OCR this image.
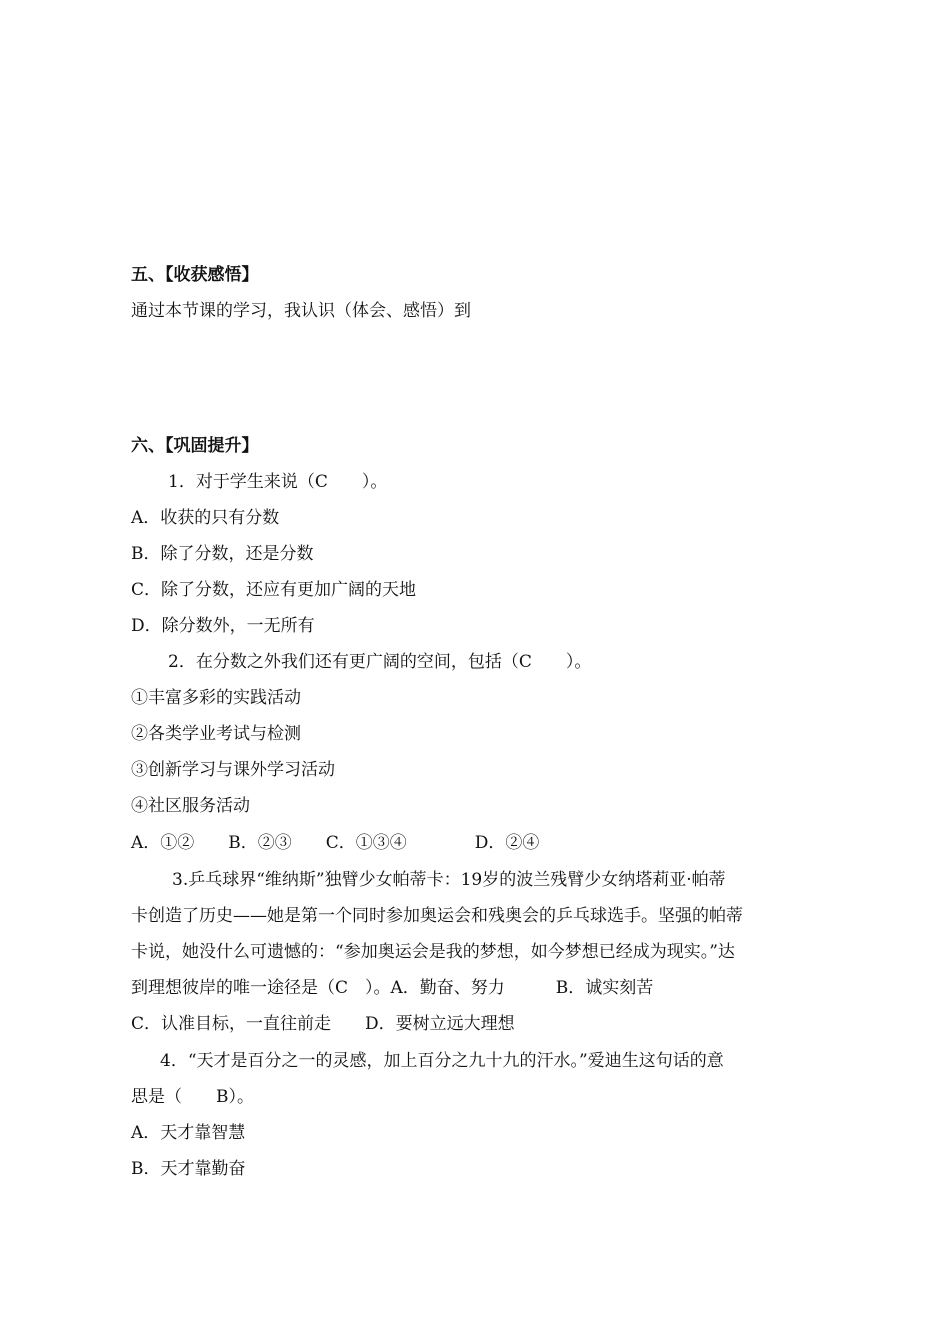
五、【收获感悟】
通过本节课的学习，我认识（体会、感悟）到
六、【巩固提升】
1．对于学生来说（C　　）。
A．收获的只有分数
B．除了分数，还是分数
C．除了分数，还应有更加广阔的天地
D．除分数外，一无所有
2．在分数之外我们还有更广阔的空间，包括（C　　）。
①丰富多彩的实践活动
②各类学业考试与检测
③创新学习与课外学习活动
④社区服务活动
A．①②　　B．②③　　C．①③④　　　　D．②④
3.乒乓球界“维纳斯”独臂少女帕蒂卡：19岁的波兰残臂少女纳塔莉亚·帕蒂
卡创造了历史——她是第一个同时参加奥运会和残奥会的乒乓球选手。坚强的帕蒂
卡说，她没什么可遗憾的：“参加奥运会是我的梦想，如今梦想已经成为现实。”达
到理想彼岸的唯一途径是（C　）。A．勤奋、努力　　　B．诚实刻苦
C．认准目标，一直往前走　　D．要树立远大理想
4．“天才是百分之一的灵感，加上百分之九十九的汗水。”爱迪生这句话的意
思是（　　B）。
A．天才靠智慧
B．天才靠勤奋
